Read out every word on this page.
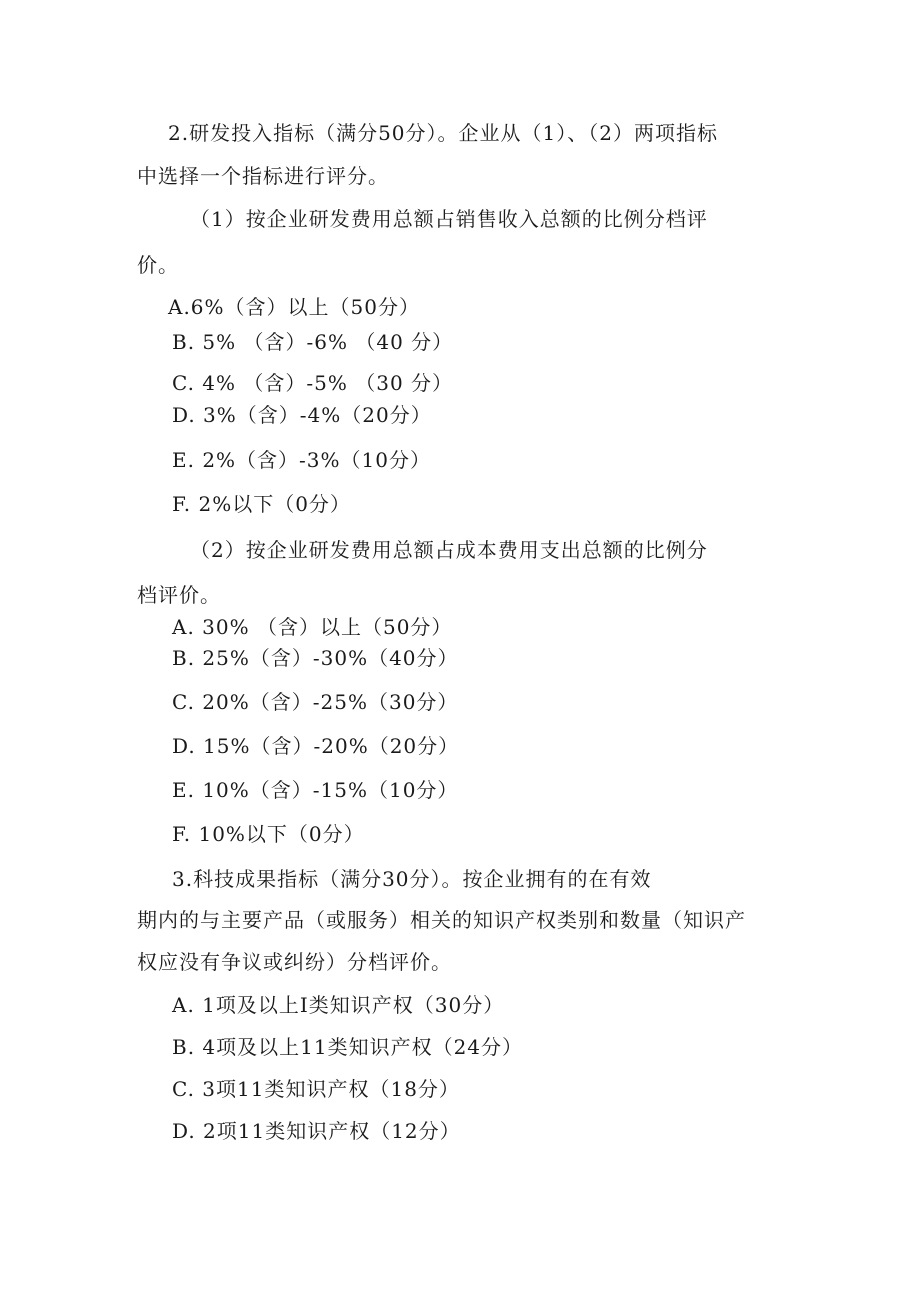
2.研发投入指标（满分50分）。企业从（1）、（2）两项指标
中选择一个指标进行评分。
（1）按企业研发费用总额占销售收入总额的比例分档评
价。
A.6%（含）以上（50分）
B. 5% （含）-6% （40 分）
C. 4% （含）-5% （30 分）
D. 3%（含）-4%（20分）
E. 2%（含）-3%（10分）
F. 2%以下（0分）
（2）按企业研发费用总额占成本费用支出总额的比例分
档评价。
A. 30% （含）以上（50分）
B. 25%（含）-30%（40分）
C. 20%（含）-25%（30分）
D. 15%（含）-20%（20分）
E. 10%（含）-15%（10分）
F. 10%以下（0分）
3.科技成果指标（满分30分）。按企业拥有的在有效
期内的与主要产品（或服务）相关的知识产权类别和数量（知识产
权应没有争议或纠纷）分档评价。
A. 1项及以上I类知识产权（30分）
B. 4项及以上11类知识产权（24分）
C. 3项11类知识产权（18分）
D. 2项11类知识产权（12分）
